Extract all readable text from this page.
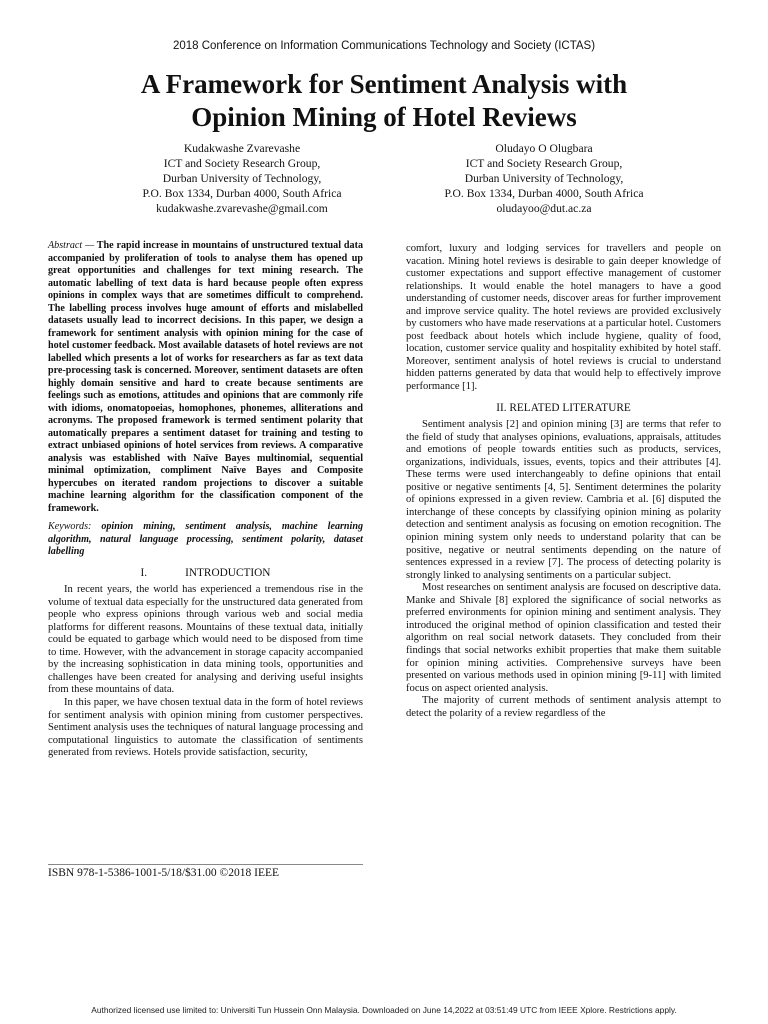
2018 Conference on Information Communications Technology and Society (ICTAS)
A Framework for Sentiment Analysis with
Opinion Mining of Hotel Reviews
Kudakwashe Zvarevashe
ICT and Society Research Group,
Durban University of Technology,
P.O. Box 1334, Durban 4000, South Africa
kudakwashe.zvarevashe@gmail.com
Oludayo O Olugbara
ICT and Society Research Group,
Durban University of Technology,
P.O. Box 1334, Durban 4000, South Africa
oludayoo@dut.ac.za

Abstract — The rapid increase in mountains of unstructured textual data accompanied by proliferation of tools to analyse them has opened up great opportunities and challenges for text mining research. The automatic labelling of text data is hard because people often express opinions in complex ways that are sometimes difficult to comprehend. The labelling process involves huge amount of efforts and mislabelled datasets usually lead to incorrect decisions. In this paper, we design a framework for sentiment analysis with opinion mining for the case of hotel customer feedback. Most available datasets of hotel reviews are not labelled which presents a lot of works for researchers as far as text data pre-processing task is concerned. Moreover, sentiment datasets are often highly domain sensitive and hard to create because sentiments are feelings such as emotions, attitudes and opinions that are commonly rife with idioms, onomatopoeias, homophones, phonemes, alliterations and acronyms. The proposed framework is termed sentiment polarity that automatically prepares a sentiment dataset for training and testing to extract unbiased opinions of hotel services from reviews. A comparative analysis was established with Naïve Bayes multinomial, sequential minimal optimization, compliment Naïve Bayes and Composite hypercubes on iterated random projections to discover a suitable machine learning algorithm for the classification component of the framework.

Keywords: opinion mining, sentiment analysis, machine learning algorithm, natural language processing, sentiment polarity, dataset labelling

I.	INTRODUCTION

In recent years, the world has experienced a tremendous rise in the volume of textual data especially for the unstructured data generated from people who express opinions through various web and social media platforms for different reasons. Mountains of these textual data, initially could be equated to garbage which would need to be disposed from time to time. However, with the advancement in storage capacity accompanied by the increasing sophistication in data mining tools, opportunities and challenges have been created for analysing and deriving useful insights from these mountains of data.

In this paper, we have chosen textual data in the form of hotel reviews for sentiment analysis with opinion mining from customer perspectives. Sentiment analysis uses the techniques of natural language processing and computational linguistics to automate the classification of sentiments generated from reviews. Hotels provide satisfaction, security,

ISBN 978-1-5386-1001-5/18/$31.00 ©2018 IEEE

comfort, luxury and lodging services for travellers and people on vacation. Mining hotel reviews is desirable to gain deeper knowledge of customer expectations and support effective management of customer relationships. It would enable the hotel managers to have a good understanding of customer needs, discover areas for further improvement and improve service quality. The hotel reviews are provided exclusively by customers who have made reservations at a particular hotel. Customers post feedback about hotels which include hygiene, quality of food, location, customer service quality and hospitality exhibited by hotel staff. Moreover, sentiment analysis of hotel reviews is crucial to understand hidden patterns generated by data that would help to effectively improve performance [1].

II. RELATED LITERATURE

Sentiment analysis [2] and opinion mining [3] are terms that refer to the field of study that analyses opinions, evaluations, appraisals, attitudes and emotions of people towards entities such as products, services, organizations, individuals, issues, events, topics and their attributes [4]. These terms were used interchangeably to define opinions that entail positive or negative sentiments [4, 5]. Sentiment determines the polarity of opinions expressed in a given review. Cambria et al. [6] disputed the interchange of these concepts by classifying opinion mining as polarity detection and sentiment analysis as focusing on emotion recognition. The opinion mining system only needs to understand polarity that can be positive, negative or neutral sentiments depending on the nature of sentences expressed in a review [7]. The process of detecting polarity is strongly linked to analysing sentiments on a particular subject.

Most researches on sentiment analysis are focused on descriptive data. Manke and Shivale [8] explored the significance of social networks as preferred environments for opinion mining and sentiment analysis. They introduced the original method of opinion classification and tested their algorithm on real social network datasets. They concluded from their findings that social networks exhibit properties that make them suitable for opinion mining activities. Comprehensive surveys have been presented on various methods used in opinion mining [9-11] with limited focus on aspect oriented analysis.

The majority of current methods of sentiment analysis attempt to detect the polarity of a review regardless of the

Authorized licensed use limited to: Universiti Tun Hussein Onn Malaysia. Downloaded on June 14,2022 at 03:51:49 UTC from IEEE Xplore. Restrictions apply.
